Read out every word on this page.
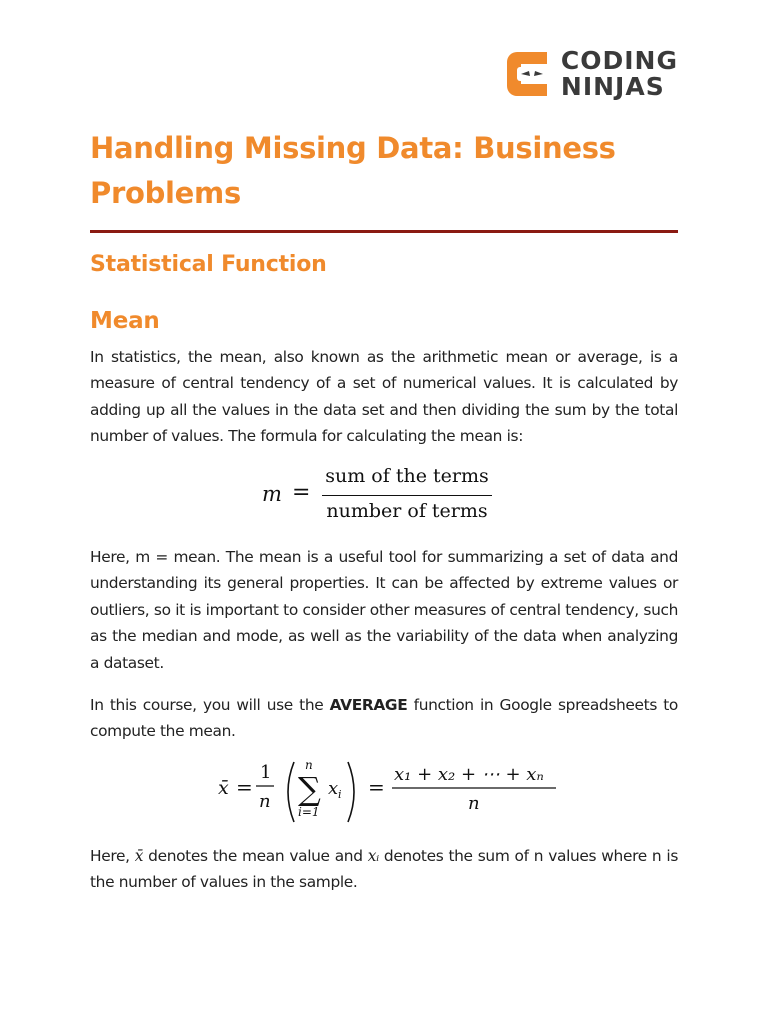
CODING
NINJAS
Handling Missing Data: Business Problems
Statistical Function
Mean

In statistics, the mean, also known as the arithmetic mean or average, is a measure of central tendency of a set of numerical values. It is calculated by adding up all the values in the data set and then dividing the sum by the total number of values. The formula for calculating the mean is:

m =
sum of the terms
number of terms

Here, m = mean. The mean is a useful tool for summarizing a set of data and understanding its general properties. It can be affected by extreme values or outliers, so it is important to consider other measures of central tendency, such as the median and mode, as well as the variability of the data when analyzing a dataset.

In this course, you will use the AVERAGE function in Google spreadsheets to compute the mean.

x̄ =
1
n
n
∑
i=1
x i =
x₁ + x₂ + ⋯ + xₙ
n

Here, x̄ denotes the mean value and xᵢ denotes the sum of n values where n is the number of values in the sample.
